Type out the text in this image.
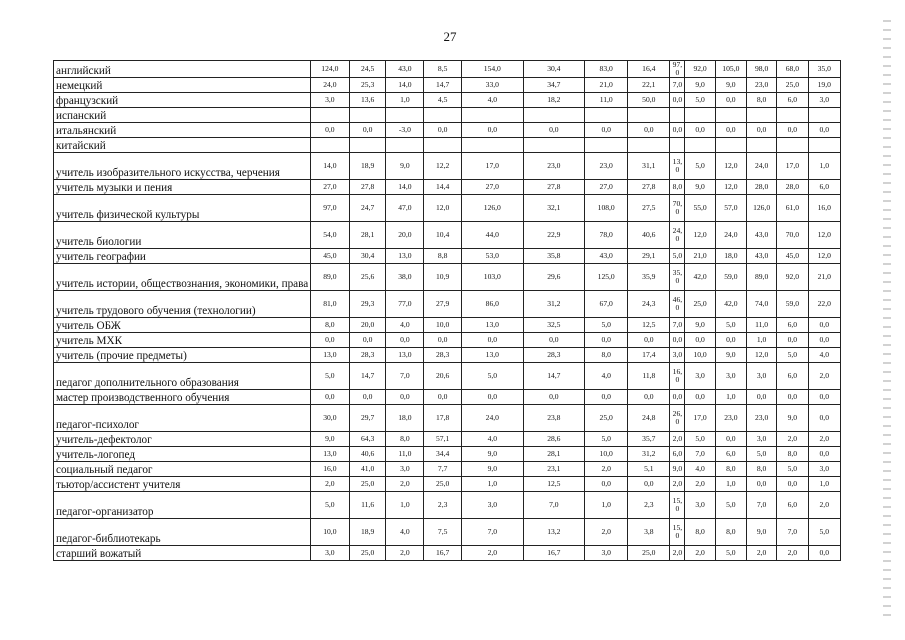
27
английский	124,0	24,5	43,0	8,5	154,0	30,4	83,0	16,4	97,0	92,0	105,0	98,0	68,0	35,0
немецкий	24,0	25,3	14,0	14,7	33,0	34,7	21,0	22,1	7,0	9,0	9,0	23,0	25,0	19,0
французский	3,0	13,6	1,0	4,5	4,0	18,2	11,0	50,0	0,0	5,0	0,0	8,0	6,0	3,0
испанский														
итальянский	0,0	0,0	-3,0	0,0	0,0	0,0	0,0	0,0	0,0	0,0	0,0	0,0	0,0	0,0
китайский														
учитель изобразительного искусства, черчения	14,0	18,9	9,0	12,2	17,0	23,0	23,0	31,1	13,0	5,0	12,0	24,0	17,0	1,0
учитель музыки и пения	27,0	27,8	14,0	14,4	27,0	27,8	27,0	27,8	8,0	9,0	12,0	28,0	28,0	6,0
учитель физической культуры	97,0	24,7	47,0	12,0	126,0	32,1	108,0	27,5	70,0	55,0	57,0	126,0	61,0	16,0
учитель биологии	54,0	28,1	20,0	10,4	44,0	22,9	78,0	40,6	24,0	12,0	24,0	43,0	70,0	12,0
учитель географии	45,0	30,4	13,0	8,8	53,0	35,8	43,0	29,1	5,0	21,0	18,0	43,0	45,0	12,0
учитель истории, обществознания, экономики, права	89,0	25,6	38,0	10,9	103,0	29,6	125,0	35,9	35,0	42,0	59,0	89,0	92,0	21,0
учитель трудового обучения (технологии)	81,0	29,3	77,0	27,9	86,0	31,2	67,0	24,3	46,0	25,0	42,0	74,0	59,0	22,0
учитель ОБЖ	8,0	20,0	4,0	10,0	13,0	32,5	5,0	12,5	7,0	9,0	5,0	11,0	6,0	0,0
учитель МХК	0,0	0,0	0,0	0,0	0,0	0,0	0,0	0,0	0,0	0,0	0,0	1,0	0,0	0,0
учитель (прочие предметы)	13,0	28,3	13,0	28,3	13,0	28,3	8,0	17,4	3,0	10,0	9,0	12,0	5,0	4,0
педагог дополнительного образования	5,0	14,7	7,0	20,6	5,0	14,7	4,0	11,8	16,0	3,0	3,0	3,0	6,0	2,0
мастер производственного обучения	0,0	0,0	0,0	0,0	0,0	0,0	0,0	0,0	0,0	0,0	1,0	0,0	0,0	0,0
педагог-психолог	30,0	29,7	18,0	17,8	24,0	23,8	25,0	24,8	26,0	17,0	23,0	23,0	9,0	0,0
учитель-дефектолог	9,0	64,3	8,0	57,1	4,0	28,6	5,0	35,7	2,0	5,0	0,0	3,0	2,0	2,0
учитель-логопед	13,0	40,6	11,0	34,4	9,0	28,1	10,0	31,2	6,0	7,0	6,0	5,0	8,0	0,0
социальный педагог	16,0	41,0	3,0	7,7	9,0	23,1	2,0	5,1	9,0	4,0	8,0	8,0	5,0	3,0
тьютор/ассистент учителя	2,0	25,0	2,0	25,0	1,0	12,5	0,0	0,0	2,0	2,0	1,0	0,0	0,0	1,0
педагог-организатор	5,0	11,6	1,0	2,3	3,0	7,0	1,0	2,3	15,0	3,0	5,0	7,0	6,0	2,0
педагог-библиотекарь	10,0	18,9	4,0	7,5	7,0	13,2	2,0	3,8	15,0	8,0	8,0	9,0	7,0	5,0
старший вожатый	3,0	25,0	2,0	16,7	2,0	16,7	3,0	25,0	2,0	2,0	5,0	2,0	2,0	0,0
